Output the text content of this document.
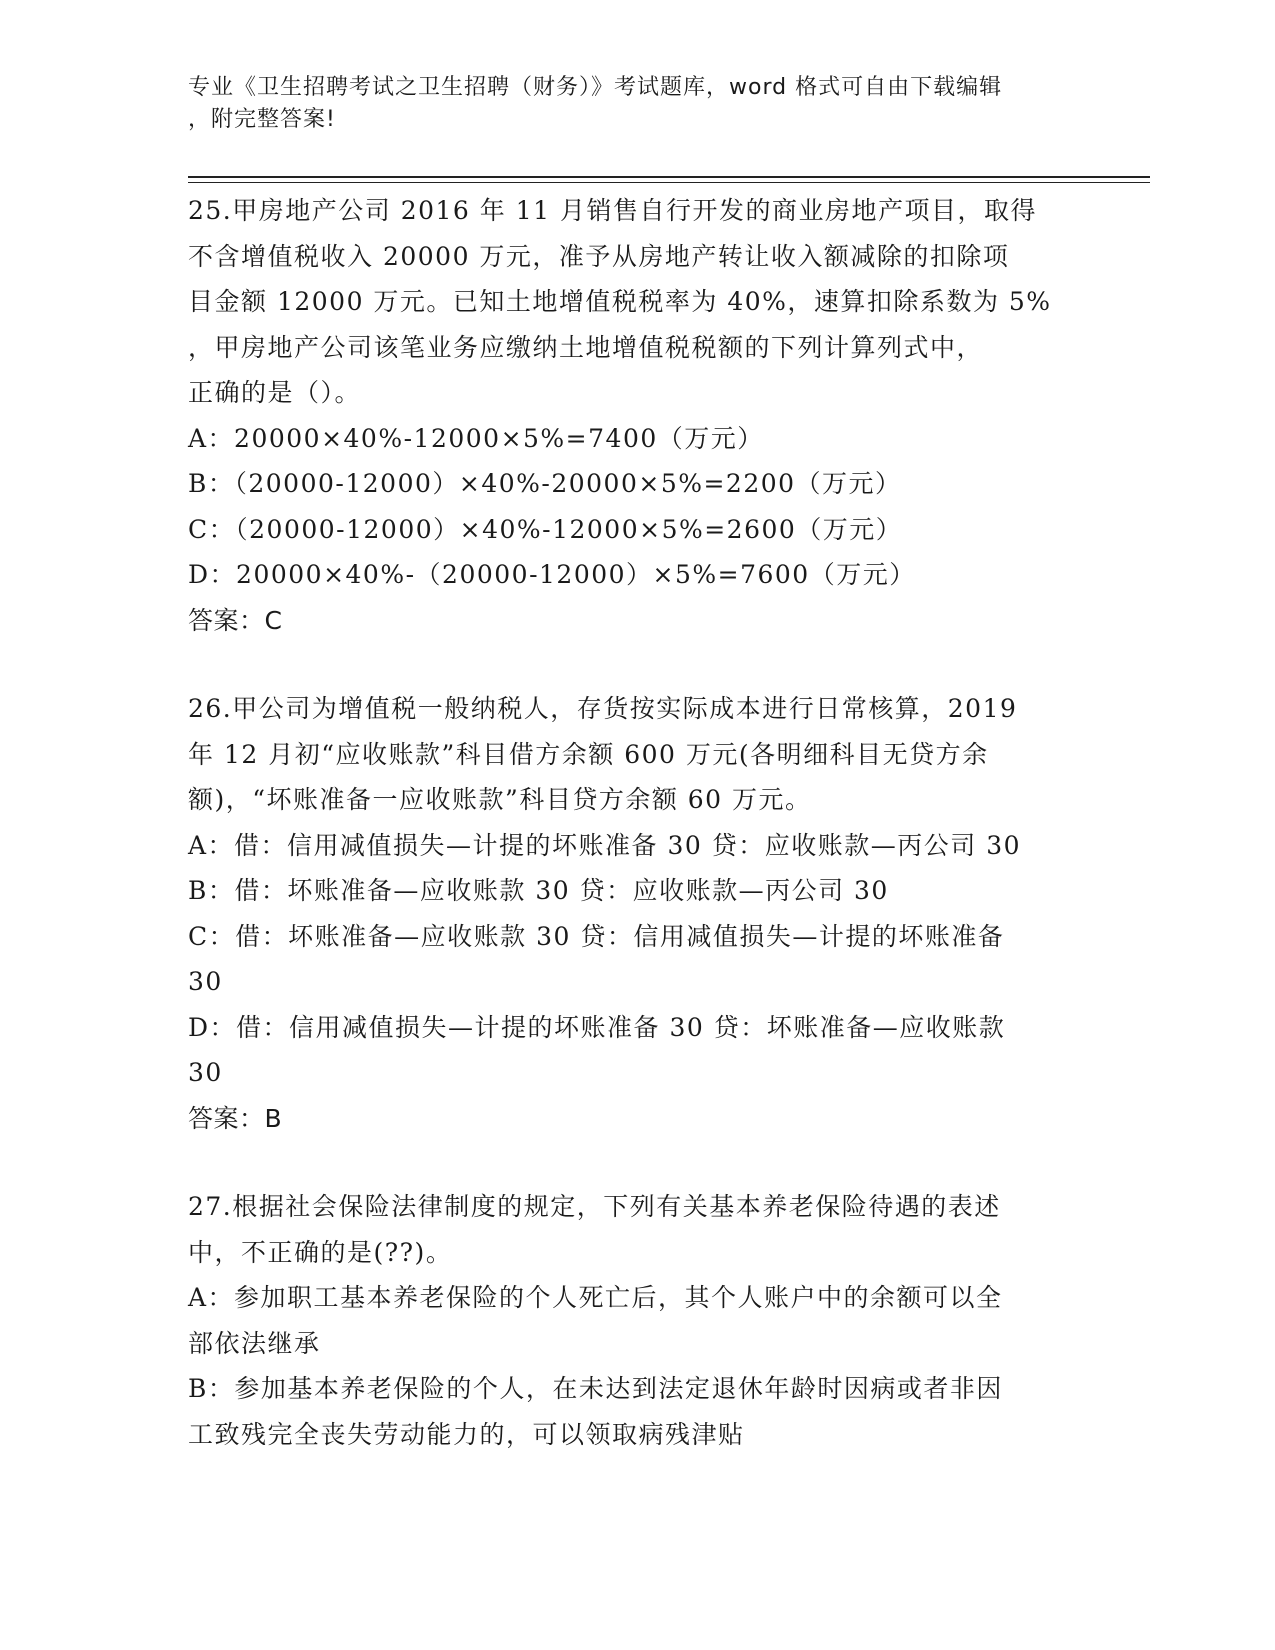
专业《卫生招聘考试之卫生招聘（财务）》考试题库，word 格式可自由下载编辑
，附完整答案!
25.甲房地产公司 2016 年 11 月销售自行开发的商业房地产项目，取得
不含增值税收入 20000 万元，准予从房地产转让收入额减除的扣除项
目金额 12000 万元。已知土地增值税税率为 40%，速算扣除系数为 5%
，甲房地产公司该笔业务应缴纳土地增值税税额的下列计算列式中，
正确的是（）。
A：20000×40%-12000×5%=7400（万元）
B：（20000-12000）×40%-20000×5%=2200（万元）
C：（20000-12000）×40%-12000×5%=2600（万元）
D：20000×40%-（20000-12000）×5%=7600（万元）
答案：C
26.甲公司为增值税一般纳税人，存货按实际成本进行日常核算，2019
年 12 月初“应收账款”科目借方余额 600 万元(各明细科目无贷方余
额)，“坏账准备一应收账款”科目贷方余额 60 万元。
A：借：信用减值损失—计提的坏账准备 30 贷：应收账款—丙公司 30
B：借：坏账准备—应收账款 30 贷：应收账款—丙公司 30
C：借：坏账准备—应收账款 30 贷：信用减值损失—计提的坏账准备
30
D：借：信用减值损失—计提的坏账准备 30 贷：坏账准备—应收账款
30
答案：B
27.根据社会保险法律制度的规定，下列有关基本养老保险待遇的表述
中，不正确的是(??)。
A：参加职工基本养老保险的个人死亡后，其个人账户中的余额可以全
部依法继承
B：参加基本养老保险的个人，在未达到法定退休年龄时因病或者非因
工致残完全丧失劳动能力的，可以领取病残津贴
